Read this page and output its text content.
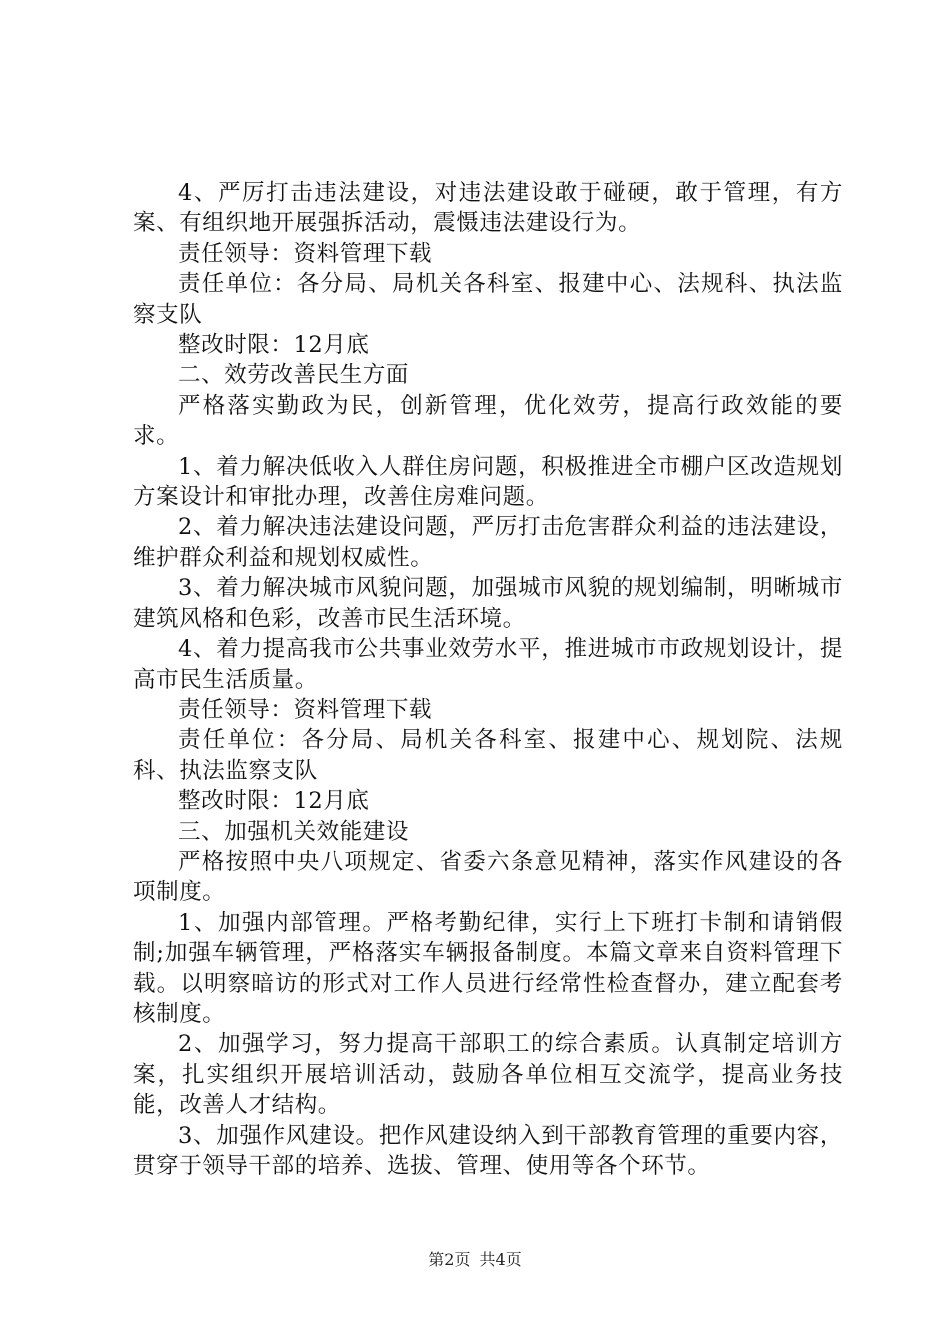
4、严厉打击违法建设，对违法建设敢于碰硬，敢于管理，有方案、有组织地开展强拆活动，震慑违法建设行为。

责任领导：资料管理下载

责任单位：各分局、局机关各科室、报建中心、法规科、执法监察支队

整改时限：12月底

二、效劳改善民生方面

严格落实勤政为民，创新管理，优化效劳，提高行政效能的要求。

1、着力解决低收入人群住房问题，积极推进全市棚户区改造规划方案设计和审批办理，改善住房难问题。

2、着力解决违法建设问题，严厉打击危害群众利益的违法建设，维护群众利益和规划权威性。

3、着力解决城市风貌问题，加强城市风貌的规划编制，明晰城市建筑风格和色彩，改善市民生活环境。

4、着力提高我市公共事业效劳水平，推进城市市政规划设计，提高市民生活质量。

责任领导：资料管理下载

责任单位：各分局、局机关各科室、报建中心、规划院、法规科、执法监察支队

整改时限：12月底

三、加强机关效能建设

严格按照中央八项规定、省委六条意见精神，落实作风建设的各项制度。

1、加强内部管理。严格考勤纪律，实行上下班打卡制和请销假制;加强车辆管理，严格落实车辆报备制度。本篇文章来自资料管理下载。以明察暗访的形式对工作人员进行经常性检查督办，建立配套考核制度。

2、加强学习，努力提高干部职工的综合素质。认真制定培训方案，扎实组织开展培训活动，鼓励各单位相互交流学，提高业务技能，改善人才结构。

3、加强作风建设。把作风建设纳入到干部教育管理的重要内容，贯穿于领导干部的培养、选拔、管理、使用等各个环节。

第2页 共4页
